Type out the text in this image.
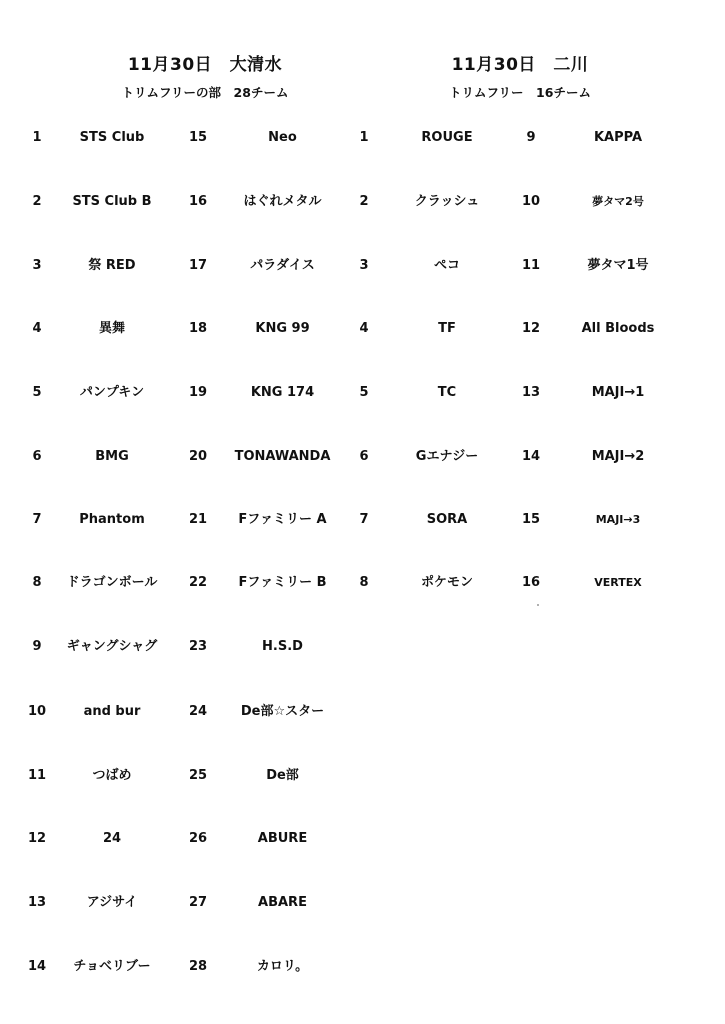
11月30日　大清水
トリムフリーの部　28チーム
11月30日　二川
トリムフリー　16チーム
1	STS Club	15	Neo	1	ROUGE	9	KAPPA
2	STS Club B	16	はぐれメタル	2	クラッシュ	10	夢タマ2号
3	祭 RED	17	パラダイス	3	ペコ	11	夢タマ1号
4	異舞	18	KNG 99	4	TF	12	All Bloods
5	パンプキン	19	KNG 174	5	TC	13	MAJI→1
6	BMG	20	TONAWANDA	6	Gエナジー	14	MAJI→2
7	Phantom	21	Fファミリー A	7	SORA	15	MAJI→3
8	ドラゴンボール	22	Fファミリー B	8	ポケモン	16	VERTEX
9	ギャングシャグ	23	H.S.D
10	and bur	24	De部☆スター
11	つばめ	25	De部
12	24	26	ABURE
13	アジサイ	27	ABARE
14	チョベリブー	28	カロリ。
